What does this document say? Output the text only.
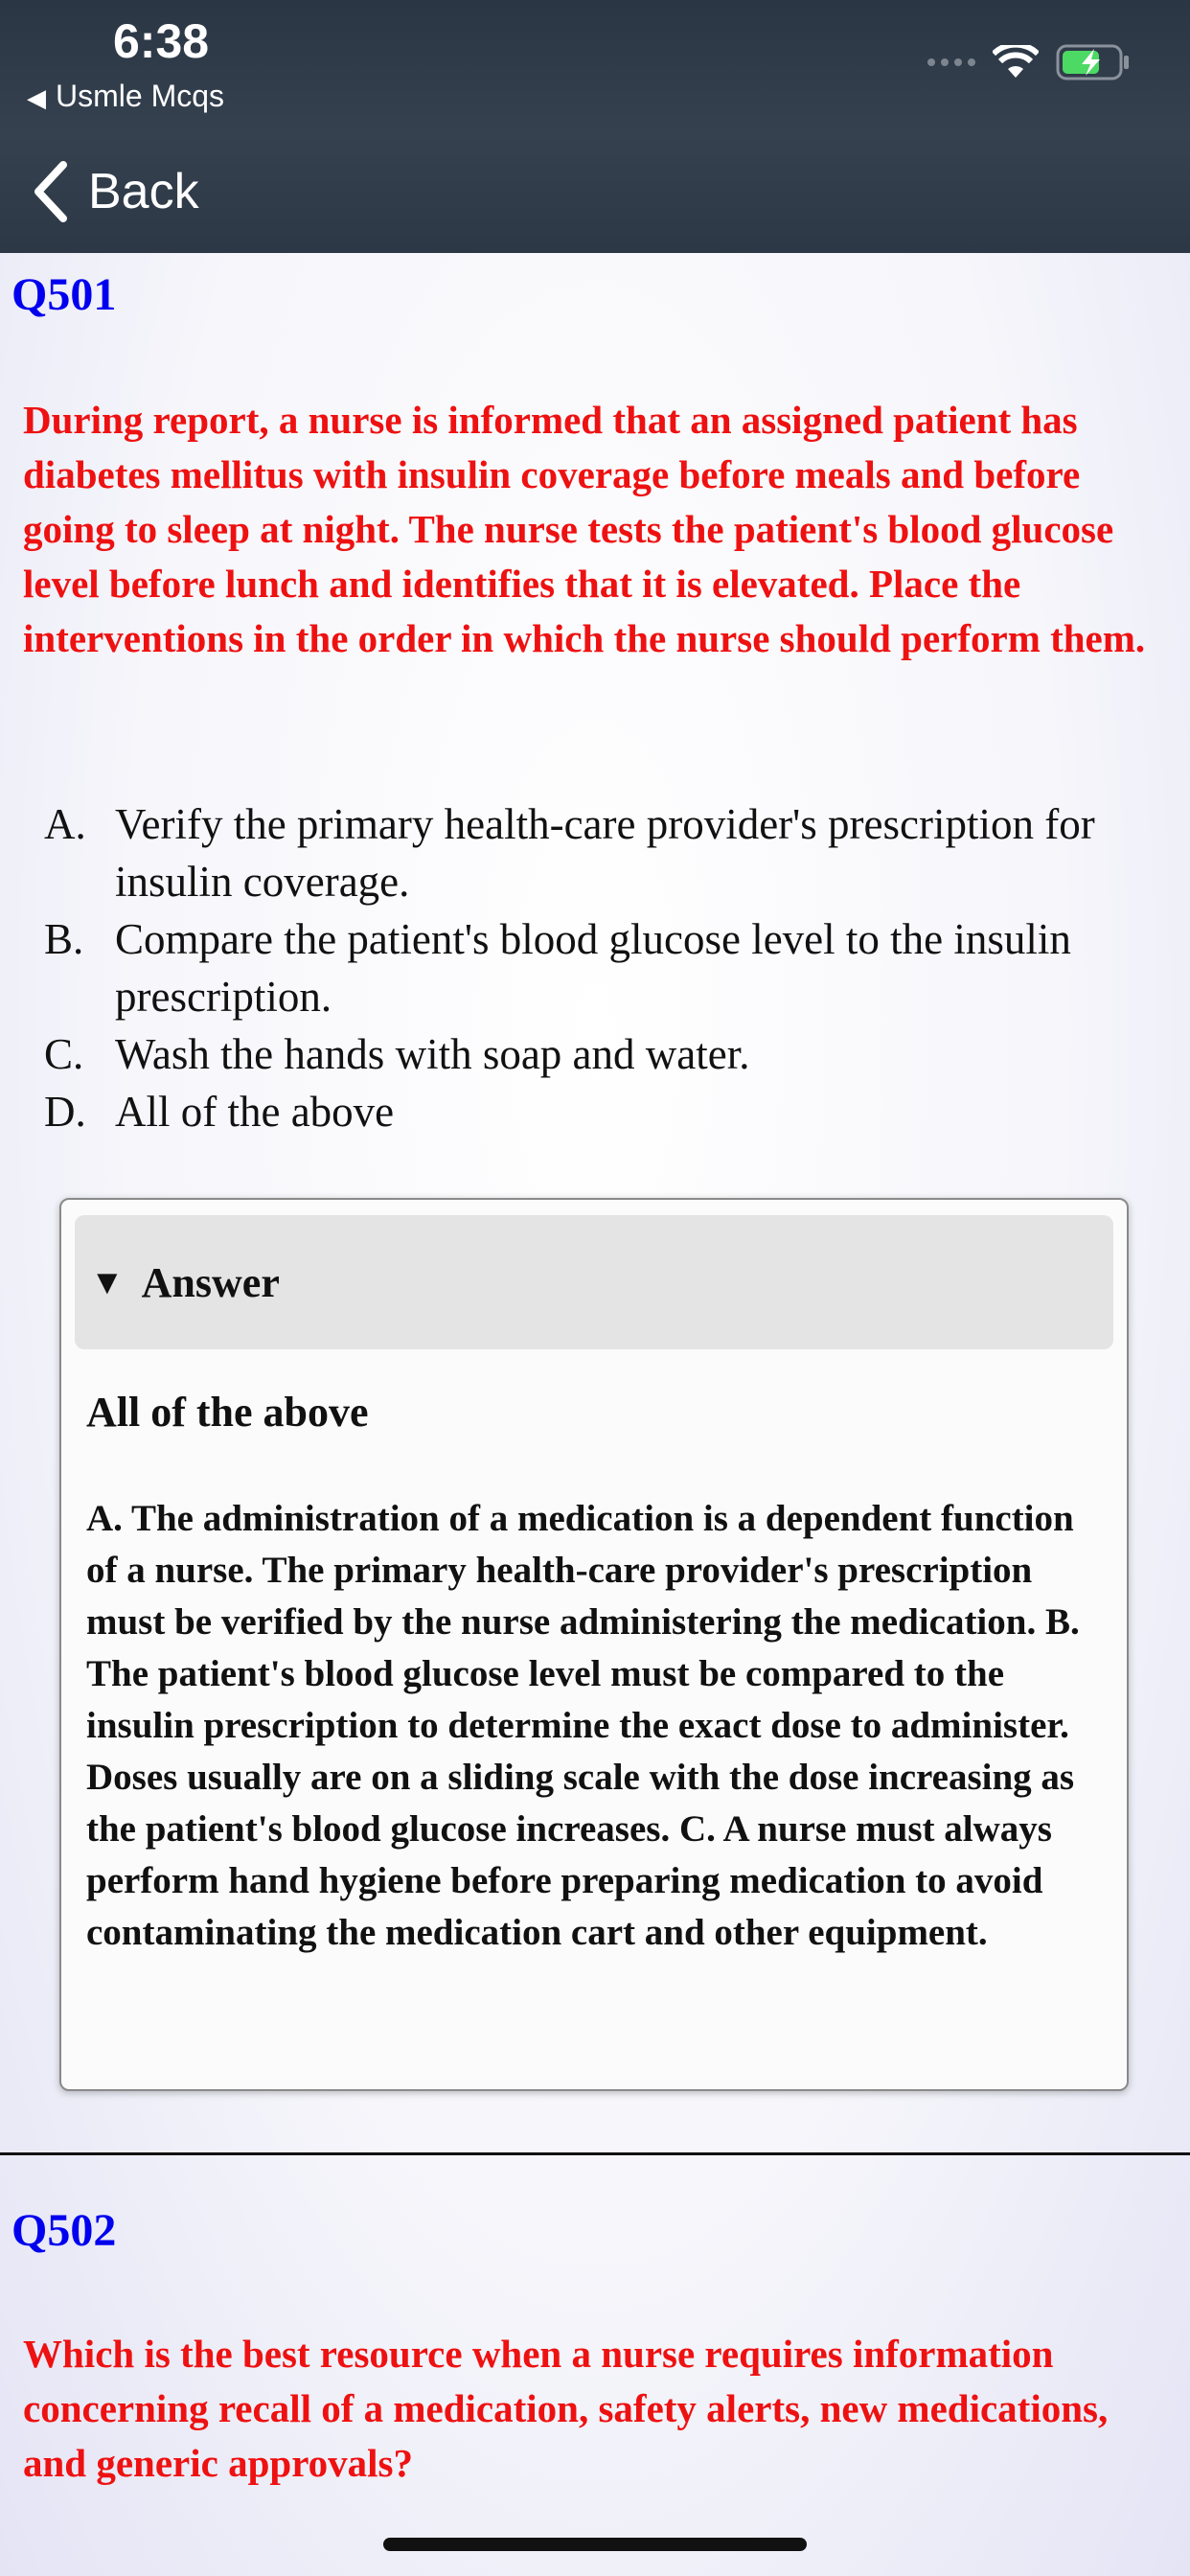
6:38
◀ Usmle Mcqs
Back
Q501
During report, a nurse is informed that an assigned patient has diabetes mellitus with insulin coverage before meals and before going to sleep at night. The nurse tests the patient's blood glucose level before lunch and identifies that it is elevated. Place the interventions in the order in which the nurse should perform them.
A. Verify the primary health-care provider's prescription for insulin coverage.
B. Compare the patient's blood glucose level to the insulin prescription.
C. Wash the hands with soap and water.
D. All of the above
▼ Answer
All of the above
A. The administration of a medication is a dependent function of a nurse. The primary health-care provider's prescription must be verified by the nurse administering the medication. B. The patient's blood glucose level must be compared to the insulin prescription to determine the exact dose to administer. Doses usually are on a sliding scale with the dose increasing as the patient's blood glucose increases. C. A nurse must always perform hand hygiene before preparing medication to avoid contaminating the medication cart and other equipment.
Q502
Which is the best resource when a nurse requires information concerning recall of a medication, safety alerts, new medications, and generic approvals?
